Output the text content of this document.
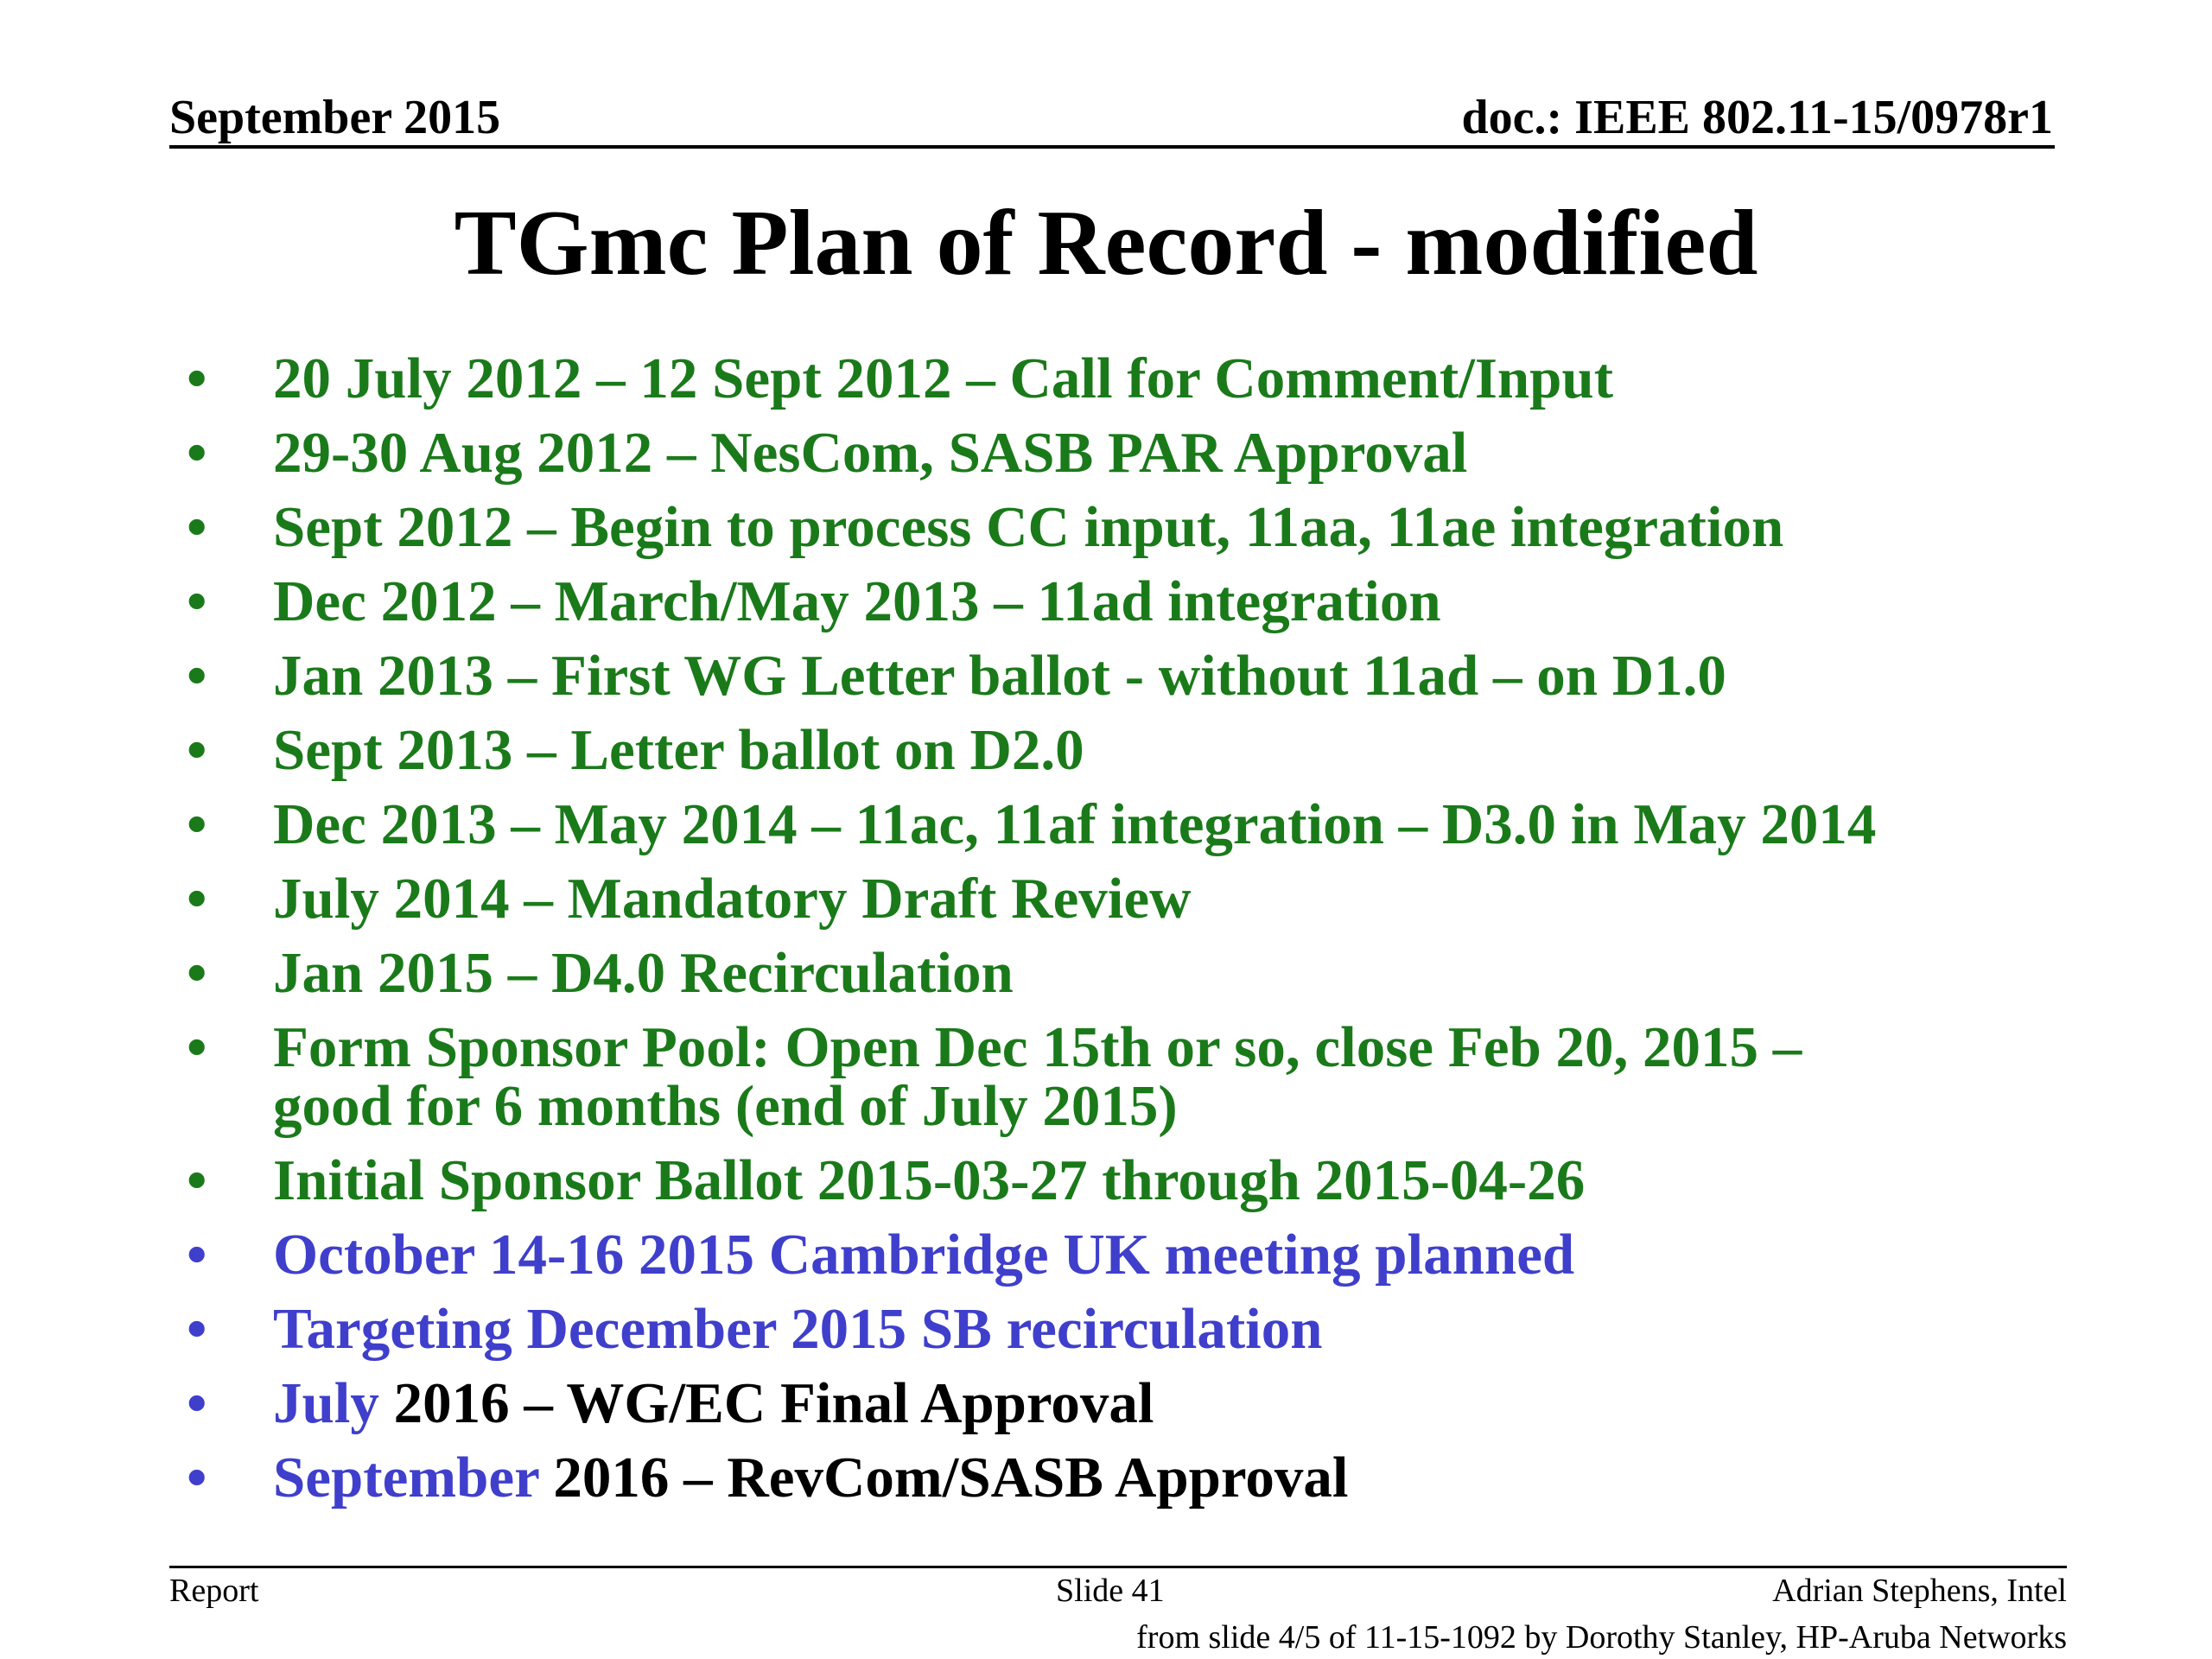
September 2015	doc.: IEEE 802.11-15/0978r1
TGmc Plan of Record - modified
• 20 July 2012 – 12 Sept 2012 – Call for Comment/Input
• 29-30 Aug 2012 – NesCom, SASB PAR Approval
• Sept 2012 – Begin to process CC input, 11aa, 11ae integration
• Dec 2012 – March/May 2013 – 11ad integration
• Jan 2013 – First WG Letter ballot - without 11ad – on D1.0
• Sept 2013 – Letter ballot on D2.0
• Dec 2013 – May 2014 – 11ac, 11af integration – D3.0 in May 2014
• July 2014 – Mandatory Draft Review
• Jan 2015 – D4.0 Recirculation
• Form Sponsor Pool: Open Dec 15th or so, close Feb 20, 2015 –
good for 6 months (end of July 2015)
• Initial Sponsor Ballot 2015-03-27 through 2015-04-26
• October 14-16 2015 Cambridge UK meeting planned
• Targeting December 2015 SB recirculation
• July 2016 – WG/EC Final Approval
• September 2016 – RevCom/SASB Approval
Report	Slide 41	Adrian Stephens, Intel
from slide 4/5 of 11-15-1092 by Dorothy Stanley, HP-Aruba Networks
